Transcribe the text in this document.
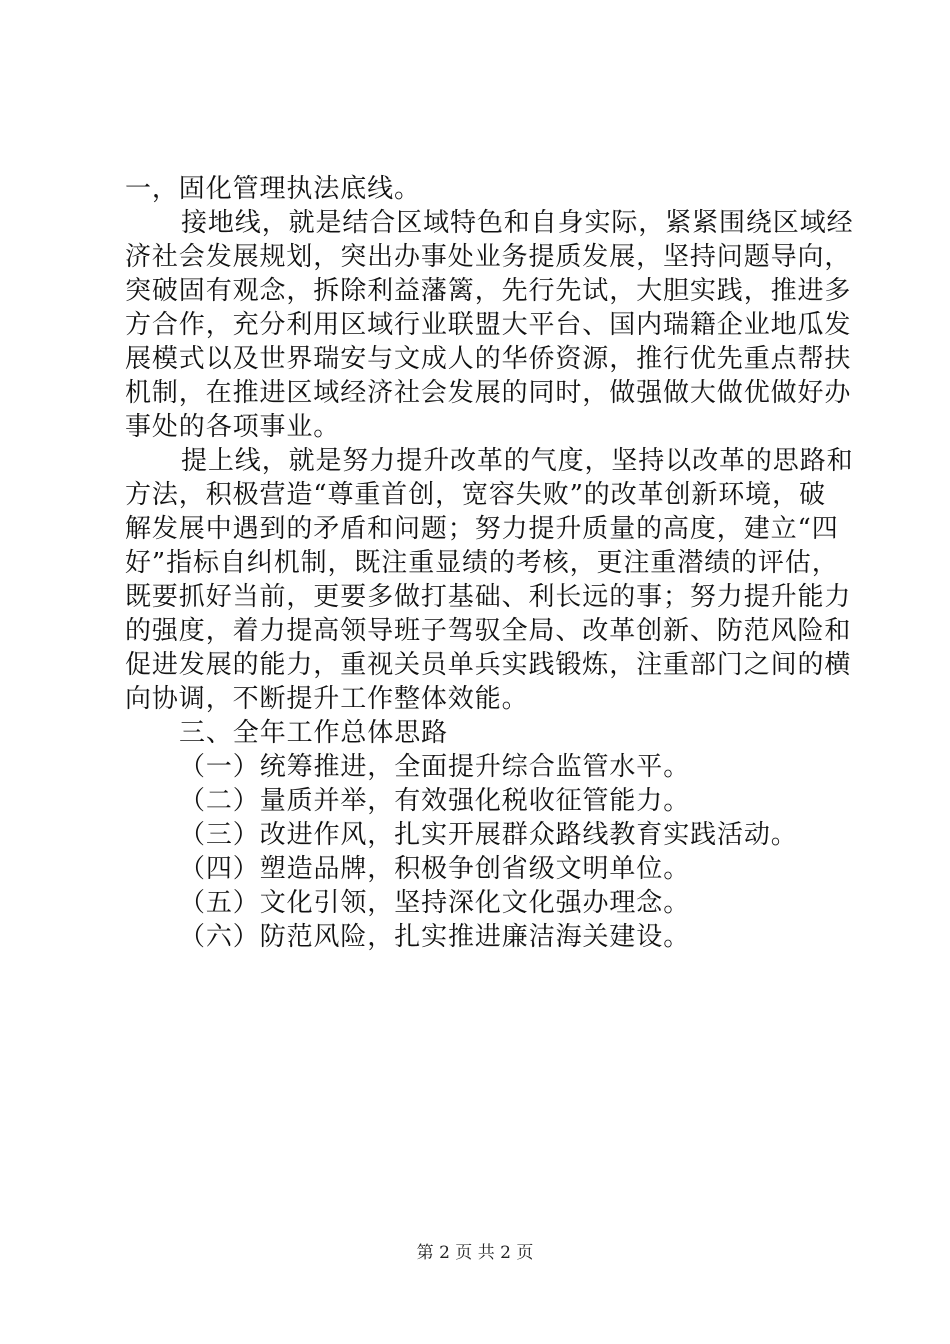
一，固化管理执法底线。
接地线，就是结合区域特色和自身实际，紧紧围绕区域经
济社会发展规划，突出办事处业务提质发展，坚持问题导向，
突破固有观念，拆除利益藩篱，先行先试，大胆实践，推进多
方合作，充分利用区域行业联盟大平台、国内瑞籍企业地瓜发
展模式以及世界瑞安与文成人的华侨资源，推行优先重点帮扶
机制，在推进区域经济社会发展的同时，做强做大做优做好办
事处的各项事业。
提上线，就是努力提升改革的气度，坚持以改革的思路和
方法，积极营造“尊重首创，宽容失败”的改革创新环境，破
解发展中遇到的矛盾和问题；努力提升质量的高度，建立“四
好”指标自纠机制，既注重显绩的考核，更注重潜绩的评估，
既要抓好当前，更要多做打基础、利长远的事；努力提升能力
的强度，着力提高领导班子驾驭全局、改革创新、防范风险和
促进发展的能力，重视关员单兵实践锻炼，注重部门之间的横
向协调，不断提升工作整体效能。
三、全年工作总体思路
（一）统筹推进，全面提升综合监管水平。
（二）量质并举，有效强化税收征管能力。
（三）改进作风，扎实开展群众路线教育实践活动。
（四）塑造品牌，积极争创省级文明单位。
（五）文化引领，坚持深化文化强办理念。
（六）防范风险，扎实推进廉洁海关建设。
第 2 页 共 2 页
